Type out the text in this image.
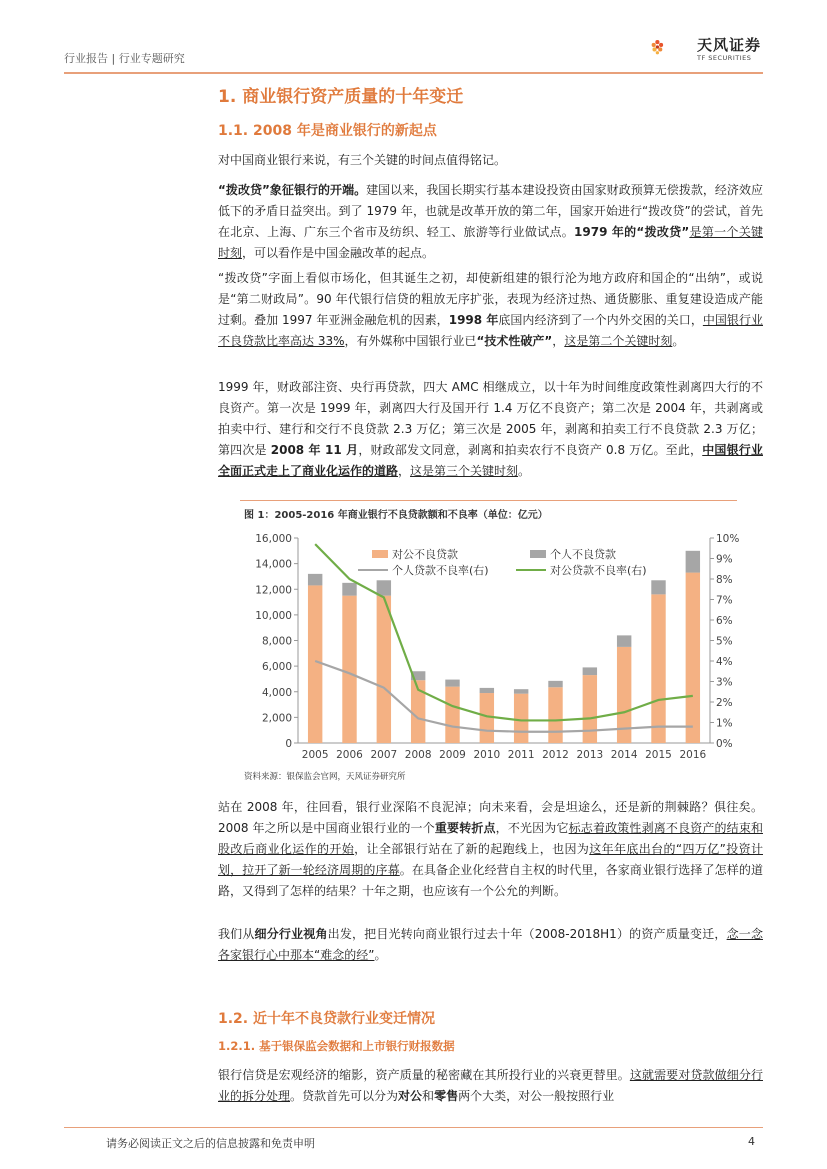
行业报告 | 行业专题研究
天风证券
TF SECURITIES
1. 商业银行资产质量的十年变迁
1.1. 2008 年是商业银行的新起点
对中国商业银行来说，有三个关键的时间点值得铭记。
“拨改贷”象征银行的开端。建国以来，我国长期实行基本建设投资由国家财政预算无偿拨款，经济效应低下的矛盾日益突出。到了 1979 年，也就是改革开放的第二年，国家开始进行“拨改贷”的尝试，首先在北京、上海、广东三个省市及纺织、轻工、旅游等行业做试点。1979 年的“拨改贷”是第一个关键时刻，可以看作是中国金融改革的起点。
“拨改贷”字面上看似市场化，但其诞生之初，却使新组建的银行沦为地方政府和国企的“出纳”，或说是“第二财政局”。90 年代银行信贷的粗放无序扩张，表现为经济过热、通货膨胀、重复建设造成产能过剩。叠加 1997 年亚洲金融危机的因素，1998 年底国内经济到了一个内外交困的关口，中国银行业不良贷款比率高达 33%，有外媒称中国银行业已“技术性破产”，这是第二个关键时刻。
1999 年，财政部注资、央行再贷款，四大 AMC 相继成立，以十年为时间维度政策性剥离四大行的不良资产。第一次是 1999 年，剥离四大行及国开行 1.4 万亿不良资产；第二次是 2004 年，共剥离或拍卖中行、建行和交行不良贷款 2.3 万亿；第三次是 2005 年，剥离和拍卖工行不良贷款 2.3 万亿；第四次是 2008 年 11 月，财政部发文同意，剥离和拍卖农行不良资产 0.8 万亿。至此，中国银行业全面正式走上了商业化运作的道路，这是第三个关键时刻。
图 1：2005-2016 年商业银行不良贷款额和不良率（单位：亿元）
0
2,000
4,000
6,000
8,000
10,000
12,000
14,000
16,000
0%
1%
2%
3%
4%
5%
6%
7%
8%
9%
10%
2005 2006 2007 2008 2009 2010 2011 2012 2013 2014 2015 2016
对公不良贷款	个人不良贷款
个人贷款不良率(右)	对公贷款不良率(右)
资料来源：银保监会官网，天风证券研究所
站在 2008 年，往回看，银行业深陷不良泥淖；向未来看，会是坦途么，还是新的荆棘路？俱往矣。2008 年之所以是中国商业银行业的一个重要转折点，不光因为它标志着政策性剥离不良资产的结束和股改后商业化运作的开始，让全部银行站在了新的起跑线上，也因为这年年底出台的“四万亿”投资计划，拉开了新一轮经济周期的序幕。在具备企业化经营自主权的时代里，各家商业银行选择了怎样的道路，又得到了怎样的结果？十年之期，也应该有一个公允的判断。
我们从细分行业视角出发，把目光转向商业银行过去十年（2008-2018H1）的资产质量变迁，念一念各家银行心中那本“难念的经”。
1.2. 近十年不良贷款行业变迁情况
1.2.1. 基于银保监会数据和上市银行财报数据
银行信贷是宏观经济的缩影，资产质量的秘密藏在其所投行业的兴衰更替里。这就需要对贷款做细分行业的拆分处理。贷款首先可以分为对公和零售两个大类，对公一般按照行业
请务必阅读正文之后的信息披露和免责申明	4
